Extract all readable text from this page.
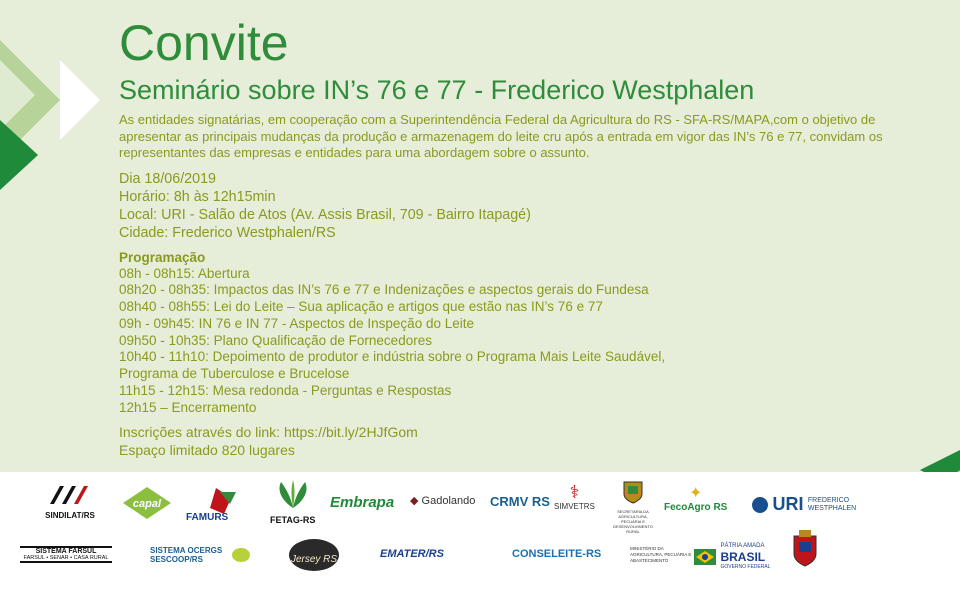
Convite
Seminário sobre IN’s 76 e 77 - Frederico Westphalen

As entidades signatárias, em cooperação com a Superintendência Federal da Agricultura do RS - SFA-RS/MAPA,com o objetivo de apresentar as principais mudanças da produção e armazenagem do leite cru após a entrada em vigor das IN’s 76 e 77, convidam os representantes das empresas e entidades para uma abordagem sobre o assunto.

Dia 18/06/2019
Horário: 8h às 12h15min
Local: URI - Salão de Atos (Av. Assis Brasil, 709 - Bairro Itapagé)
Cidade: Frederico Westphalen/RS
Programação
08h - 08h15: Abertura
08h20 - 08h35: Impactos das IN’s 76 e 77 e Indenizações e aspectos gerais do Fundesa
08h40 - 08h55: Lei do Leite – Sua aplicação e artigos que estão nas IN’s 76 e 77
09h - 09h45: IN 76 e IN 77 - Aspectos de Inspeção do Leite
09h50 - 10h35: Plano Qualificação de Fornecedores
10h40 - 11h10: Depoimento de produtor e indústria sobre o Programa Mais Leite Saudável,
Programa de Tuberculose e Brucelose
11h15 - 12h15: Mesa redonda - Perguntas e Respostas
12h15 – Encerramento
Inscrições através do link: https://bit.ly/2HJfGom
Espaço limitado 820 lugares
SINDILAT/RS
capal
FAMURS	FETAG-RS
Embrapa ◆ Gadolando CRMV RS	⚕
SIMVETRS
SECRETARIA DA AGRICULTURA, PECUÁRIA E DESENVOLVIMENTO RURAL
✦
FecoAgro RS	URI FREDERICO WESTPHALEN
SISTEMA FARSUL
FARSUL • SENAR • CASA RURAL
SISTEMA OCERGS SESCOOP/RS	Jersey RS	EMATER/RS	CONSELEITE-RS	MINISTÉRIO DA AGRICULTURA, PECUÁRIA E ABASTECIMENTO

PÁTRIA AMADA
BRASIL
GOVERNO FEDERAL
